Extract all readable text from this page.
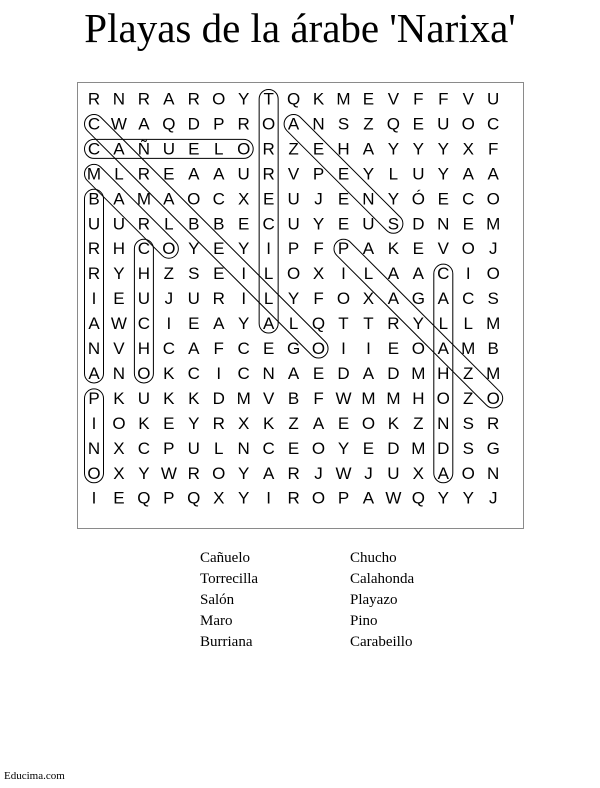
Playas de la árabe 'Narixa'
R N R A R O Y T Q K M E V F F V U
C W A Q D P R O A N S Z Q E U O C
C A Ñ U E L O R Z E H A Y Y Y X F
M L R E A A U R V P E Y L U Y A A
B A M A O C X E U J E N Y Ó E C O
U U R L B B E C U Y E U S D N E M
R H C O Y E Y I P F P A K E V O J
R Y H Z S E I L O X I L A A C I O
I E U J U R I L Y F O X A G A C S
A W C I E A Y A L Q T T R Y L L M
N V H C A F C E G O I I E O A M B
A N O K C I C N A E D A D M H Z M
P K U K K D M V B F W M M H O Z O
I O K E Y R X K Z A E O K Z N S R
N X C P U L N C E O Y E D M D S G
O X Y W R O Y A R J W J U X A O N
I E Q P Q X Y I R O P A W Q Y Y J
Cañuelo
Torrecilla
Salón
Maro
Burriana
Chucho
Calahonda
Playazo
Pino
Carabeillo
Educima.com
